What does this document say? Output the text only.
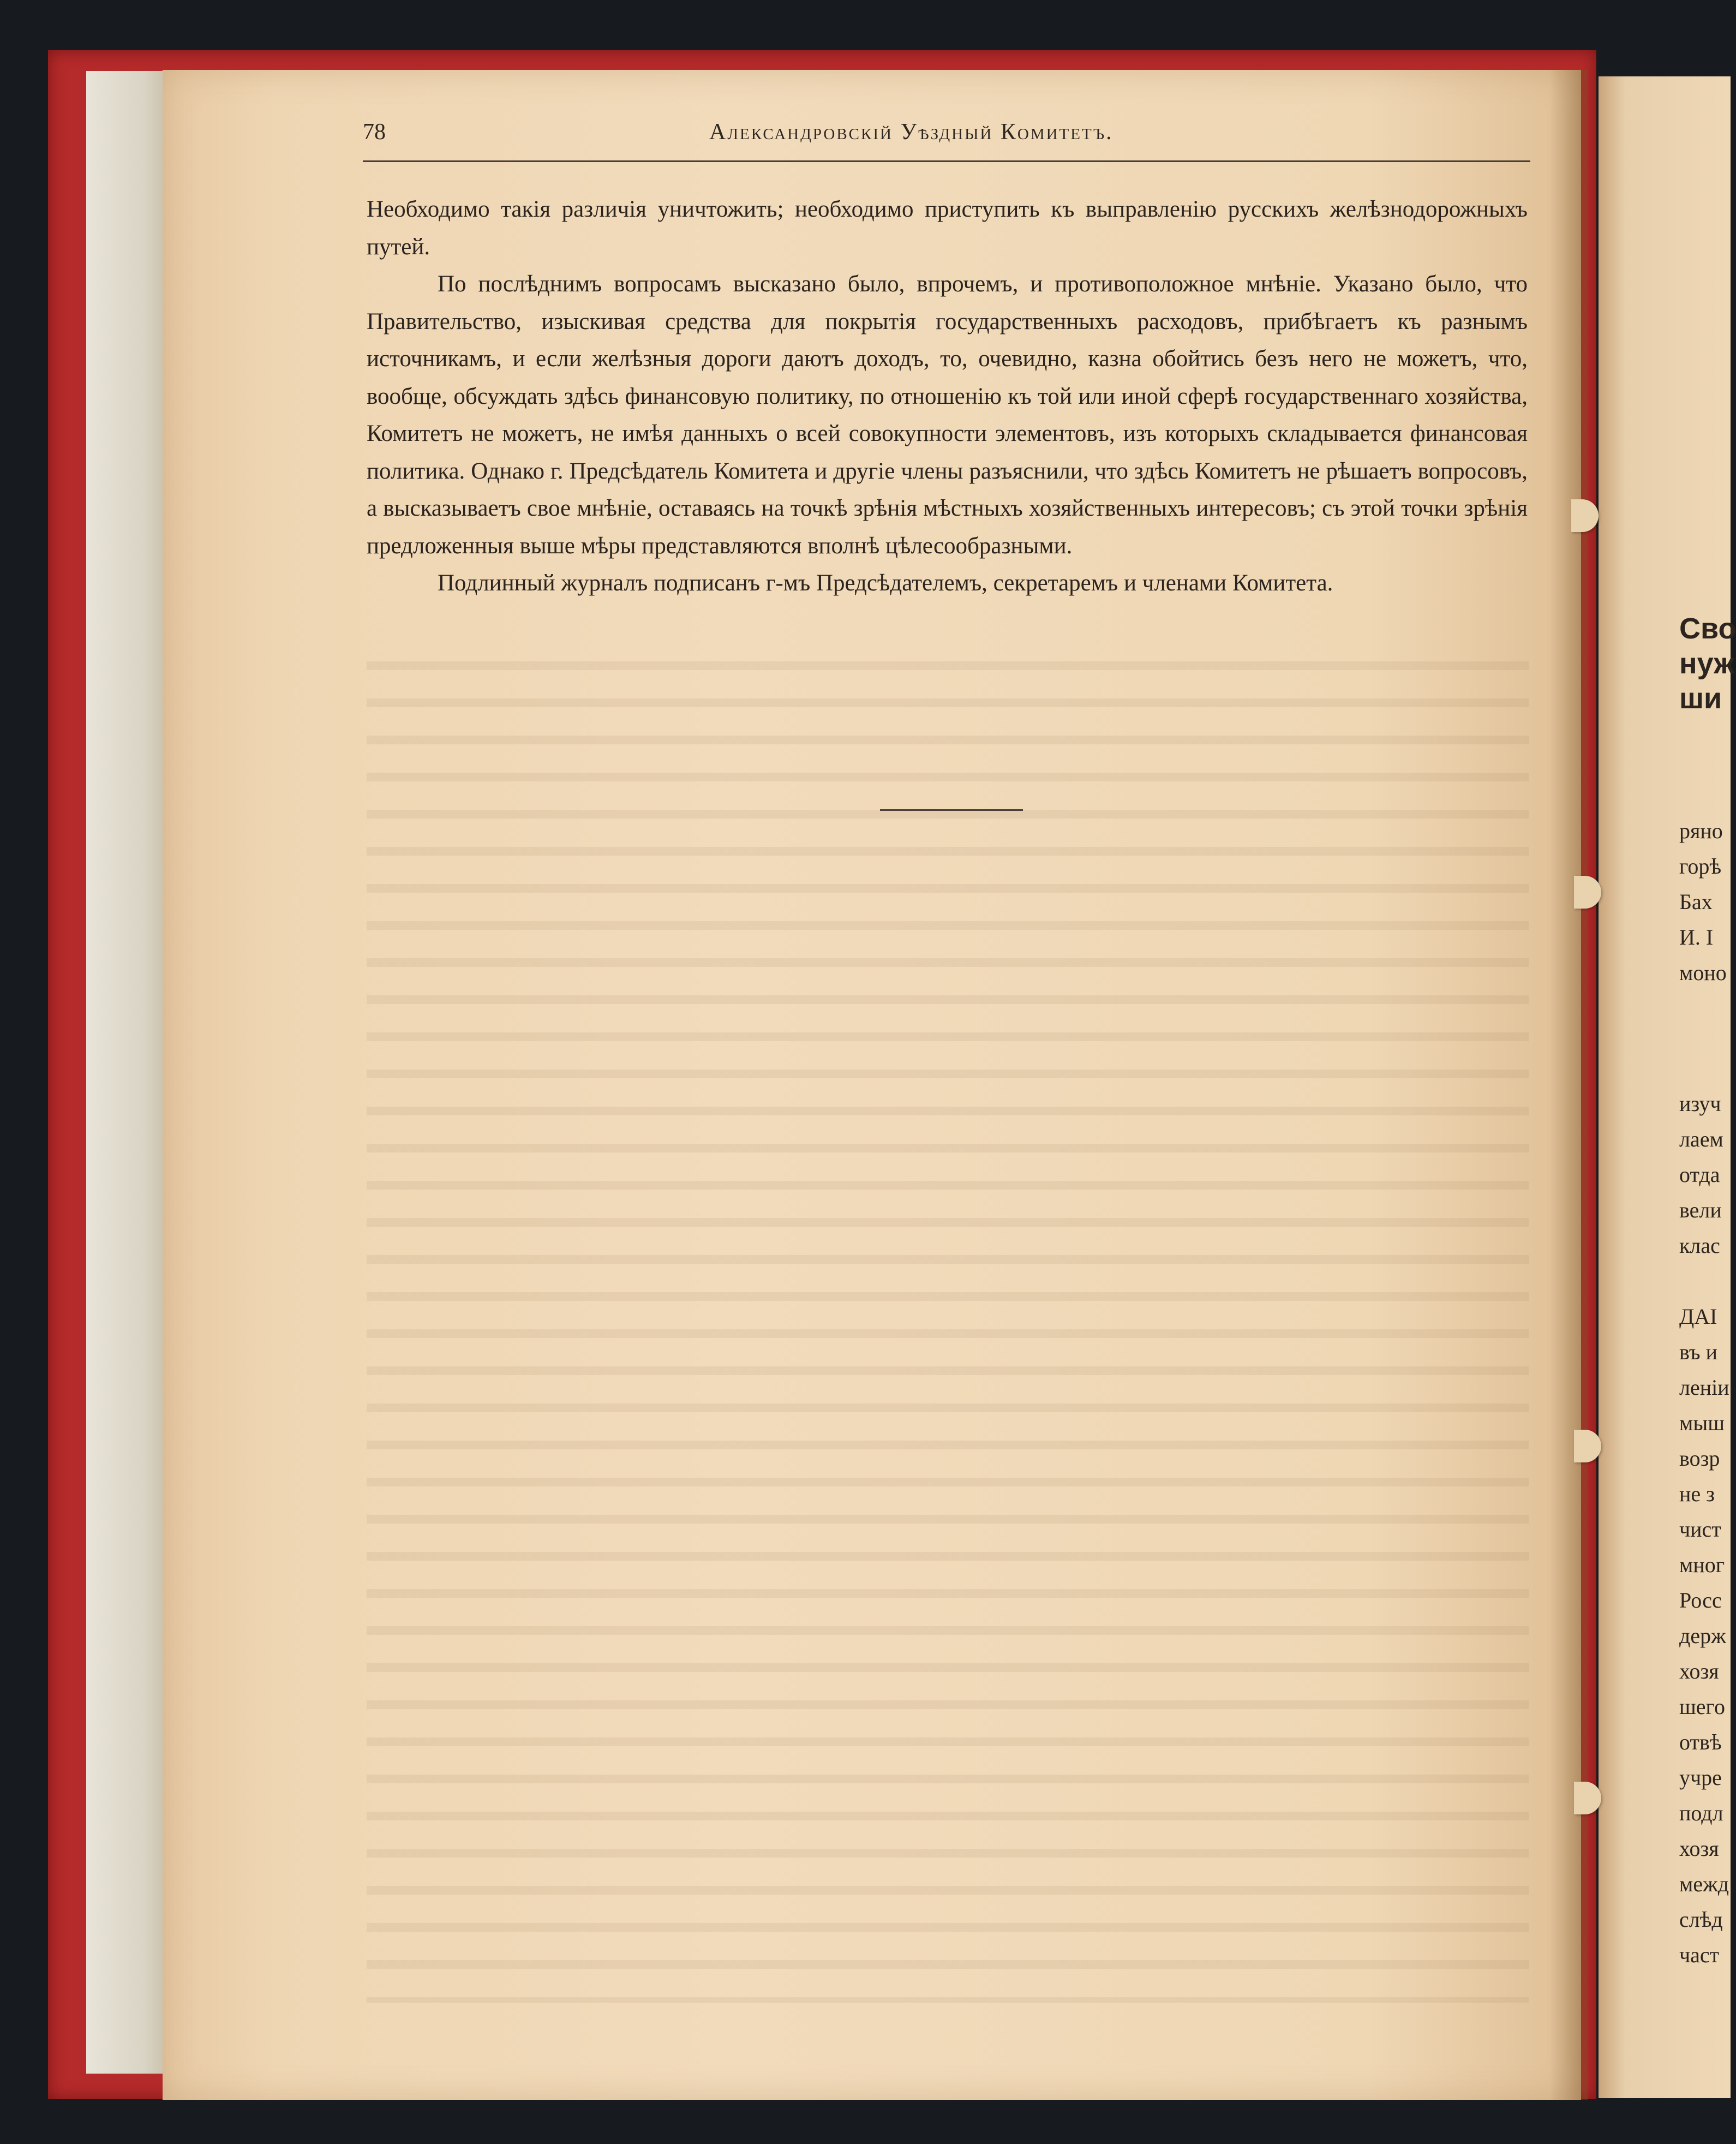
78	Александровскій Уѣздный Комитетъ.

Необходимо такія различія уничтожить; необходимо приступить къ выправленію русскихъ желѣзнодорожныхъ путей.

По послѣднимъ вопросамъ высказано было, впрочемъ, и противоположное мнѣніе. Указано было, что Правительство, изыскивая средства для покрытія государственныхъ расходовъ, прибѣгаетъ къ разнымъ источникамъ, и если желѣзныя дороги даютъ доходъ, то, очевидно, казна обойтись безъ него не можетъ, что, вообще, обсуждать здѣсь финансовую политику, по отношенію къ той или иной сферѣ государственнаго хозяйства, Комитетъ не можетъ, не имѣя данныхъ о всей совокупности элементовъ, изъ которыхъ складывается финансовая политика. Однако г. Предсѣдатель Комитета и другіе члены разъяснили, что здѣсь Комитетъ не рѣшаетъ вопросовъ, а высказываетъ свое мнѣніе, оставаясь на точкѣ зрѣнія мѣстныхъ хозяйственныхъ интересовъ; съ этой точки зрѣнія предложенныя выше мѣры представляются вполнѣ цѣлесообразными.

Подлинный журналъ подписанъ г-мъ Предсѣдателемъ, секретаремъ и членами Комитета.

Сво
нуж
ши
ряно
горѣ
Бах
И. I
моно
изуч
лаем
отда
вели
клас
ДАІ
въ и
леніи
мыш
возр
не з
чист
мног
Росс
держ
хозя
шего
отвѣ
учре
подл
хозя
межд
слѣд
част
